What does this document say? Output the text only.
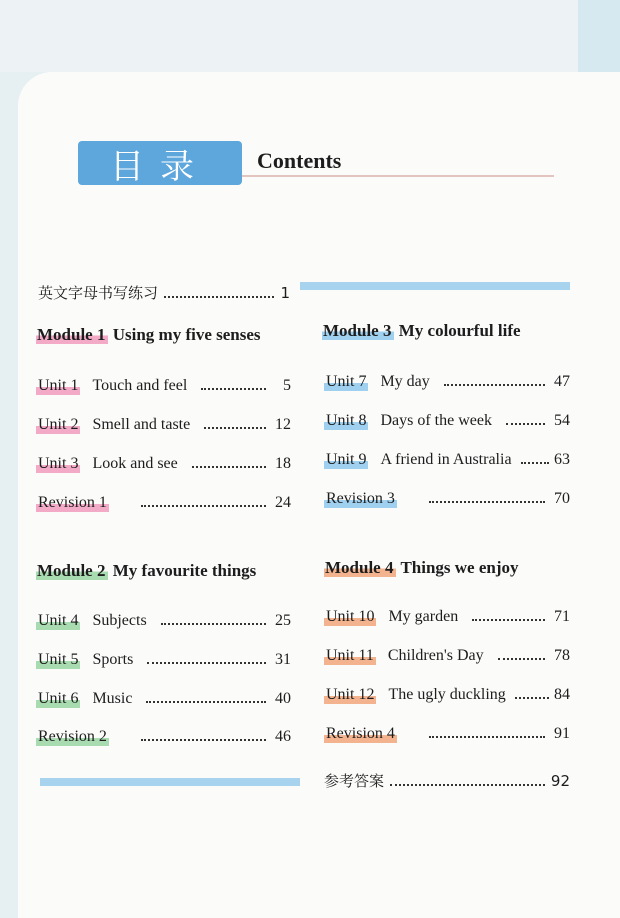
目录	Contents
英文字母书写练习	1
Module 1 Using my five senses
Unit 1 Touch and feel	5
Unit 2 Smell and taste	12
Unit 3 Look and see	18
Revision 1	24
Module 2 My favourite things
Unit 4 Subjects	25
Unit 5 Sports	31
Unit 6 Music	40
Revision 2	46
Module 3 My colourful life
Unit 7 My day	47
Unit 8 Days of the week	54
Unit 9 A friend in Australia	63
Revision 3	70
Module 4 Things we enjoy
Unit 10 My garden	71
Unit 11 Children's Day	78
Unit 12 The ugly duckling	84
Revision 4	91
参考答案	92
